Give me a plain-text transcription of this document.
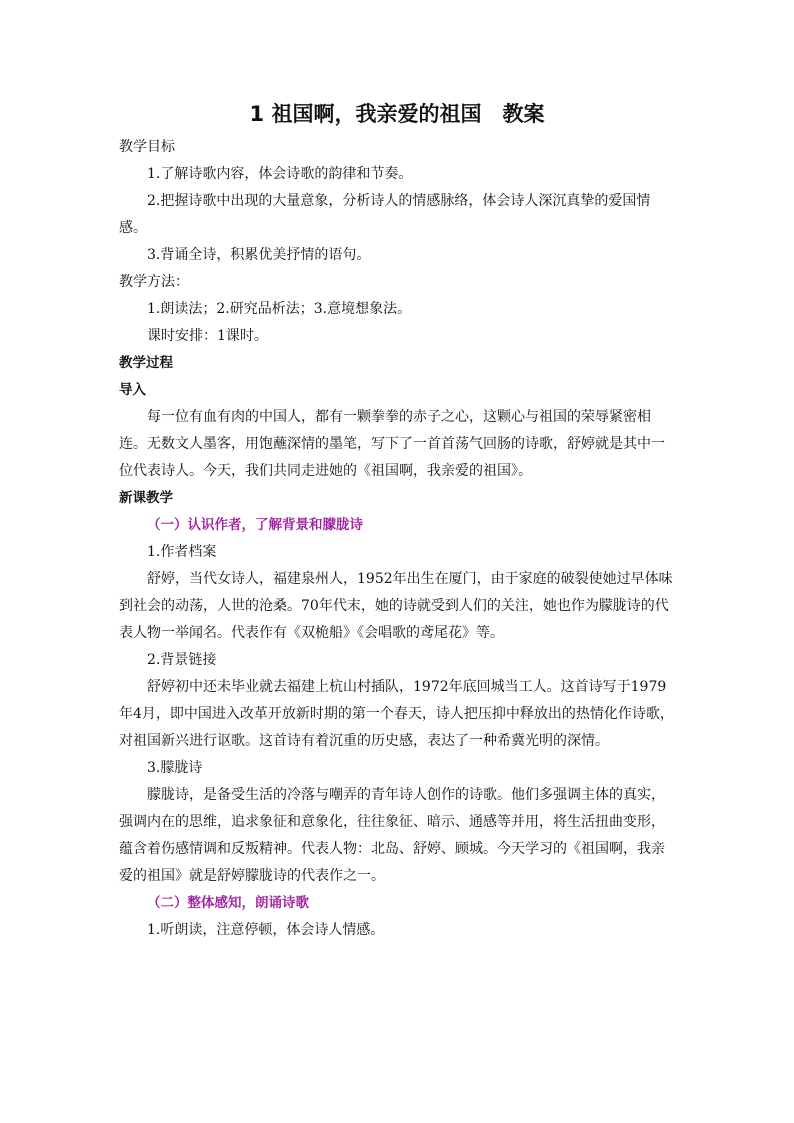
1 祖国啊，我亲爱的祖国　教案

教学目标

1.了解诗歌内容，体会诗歌的韵律和节奏。

2.把握诗歌中出现的大量意象，分析诗人的情感脉络，体会诗人深沉真挚的爱国情感。

3.背诵全诗，积累优美抒情的语句。

教学方法：

1.朗读法；2.研究品析法；3.意境想象法。

课时安排：1课时。

教学过程

导入

每一位有血有肉的中国人，都有一颗拳拳的赤子之心，这颗心与祖国的荣辱紧密相连。无数文人墨客，用饱蘸深情的墨笔，写下了一首首荡气回肠的诗歌，舒婷就是其中一位代表诗人。今天，我们共同走进她的《祖国啊，我亲爱的祖国》。

新课教学

（一）认识作者，了解背景和朦胧诗

1.作者档案

舒婷，当代女诗人，福建泉州人，1952年出生在厦门，由于家庭的破裂使她过早体味到社会的动荡，人世的沧桑。70年代末，她的诗就受到人们的关注，她也作为朦胧诗的代表人物一举闻名。代表作有《双桅船》《会唱歌的鸢尾花》等。

2.背景链接

舒婷初中还未毕业就去福建上杭山村插队，1972年底回城当工人。这首诗写于1979年4月，即中国进入改革开放新时期的第一个春天，诗人把压抑中释放出的热情化作诗歌，对祖国新兴进行讴歌。这首诗有着沉重的历史感，表达了一种希冀光明的深情。

3.朦胧诗

朦胧诗，是备受生活的冷落与嘲弄的青年诗人创作的诗歌。他们多强调主体的真实，强调内在的思维，追求象征和意象化，往往象征、暗示、通感等并用，将生活扭曲变形，蕴含着伤感情调和反叛精神。代表人物：北岛、舒婷、顾城。今天学习的《祖国啊，我亲爱的祖国》就是舒婷朦胧诗的代表作之一。

（二）整体感知，朗诵诗歌

1.听朗读，注意停顿，体会诗人情感。
